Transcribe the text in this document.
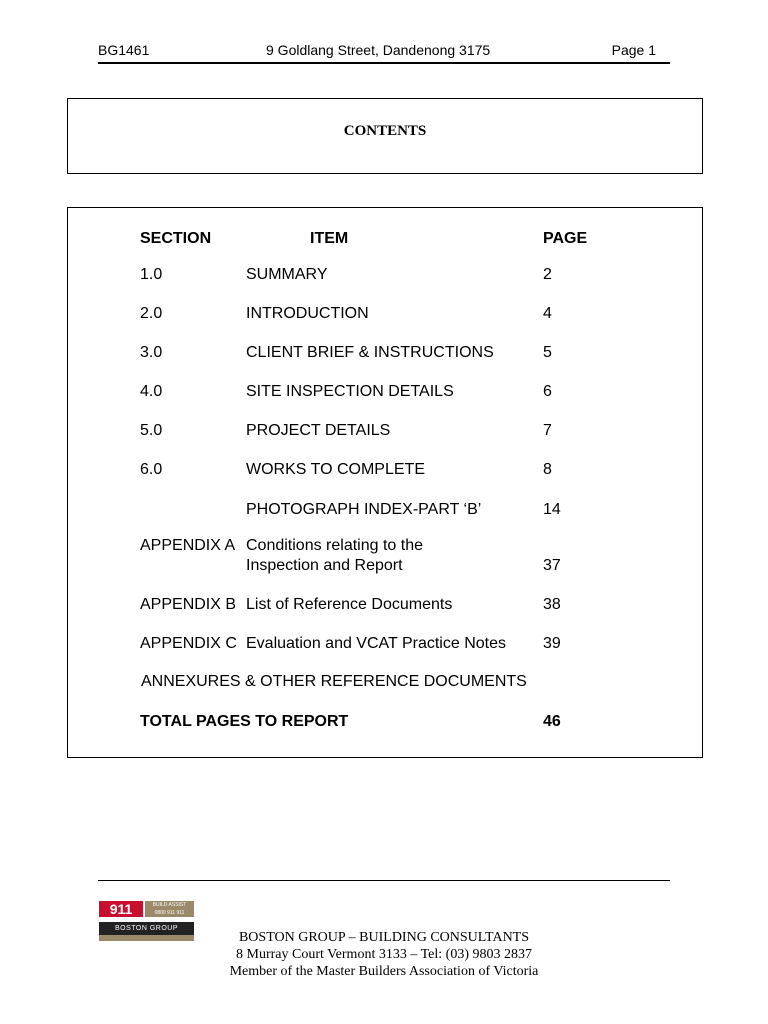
BG1461	9 Goldlang Street, Dandenong 3175	Page 1
CONTENTS
SECTION	ITEM	PAGE
1.0	SUMMARY	2
2.0	INTRODUCTION	4
3.0	CLIENT BRIEF & INSTRUCTIONS	5
4.0	SITE INSPECTION DETAILS	6
5.0	PROJECT DETAILS	7
6.0	WORKS TO COMPLETE	8
PHOTOGRAPH INDEX-PART ‘B’	14
APPENDIX A Conditions relating to the
Inspection and Report	37
APPENDIX B List of Reference Documents	38
APPENDIX C Evaluation and VCAT Practice Notes 39
ANNEXURES & OTHER REFERENCE DOCUMENTS
TOTAL PAGES TO REPORT	46
911	BUILD ASSIST
0800 911 911
BOSTON GROUP
BOSTON GROUP – BUILDING CONSULTANTS
8 Murray Court Vermont 3133 – Tel: (03) 9803 2837
Member of the Master Builders Association of Victoria
